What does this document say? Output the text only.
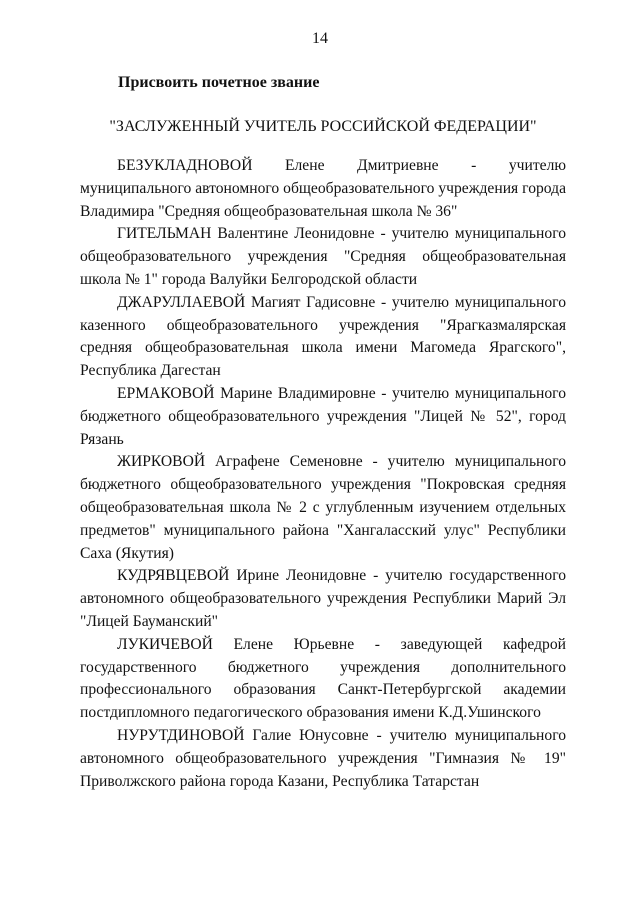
14
Присвоить почетное звание
"ЗАСЛУЖЕННЫЙ УЧИТЕЛЬ РОССИЙСКОЙ ФЕДЕРАЦИИ"

БЕЗУКЛАДНОВОЙ Елене Дмитриевне - учителю муниципального автономного общеобразовательного учреждения города Владимира "Средняя общеобразовательная школа № 36"

ГИТЕЛЬМАН Валентине Леонидовне - учителю муниципального общеобразовательного учреждения "Средняя общеобразовательная школа № 1" города Валуйки Белгородской области

ДЖАРУЛЛАЕВОЙ Магият Гадисовне - учителю муниципального казенного общеобразовательного учреждения "Ярагказмалярская средняя общеобразовательная школа имени Магомеда Ярагского", Республика Дагестан

ЕРМАКОВОЙ Марине Владимировне - учителю муниципального бюджетного общеобразовательного учреждения "Лицей № 52", город Рязань

ЖИРКОВОЙ Аграфене Семеновне - учителю муниципального бюджетного общеобразовательного учреждения "Покровская средняя общеобразовательная школа № 2 с углубленным изучением отдельных предметов" муниципального района "Хангаласский улус" Республики Саха (Якутия)

КУДРЯВЦЕВОЙ Ирине Леонидовне - учителю государственного автономного общеобразовательного учреждения Республики Марий Эл "Лицей Бауманский"

ЛУКИЧЕВОЙ Елене Юрьевне - заведующей кафедрой государственного бюджетного учреждения дополнительного профессионального образования Санкт-Петербургской академии постдипломного педагогического образования имени К.Д.Ушинского

НУРУТДИНОВОЙ Галие Юнусовне - учителю муниципального автономного общеобразовательного учреждения "Гимназия № 19" Приволжского района города Казани, Республика Татарстан
